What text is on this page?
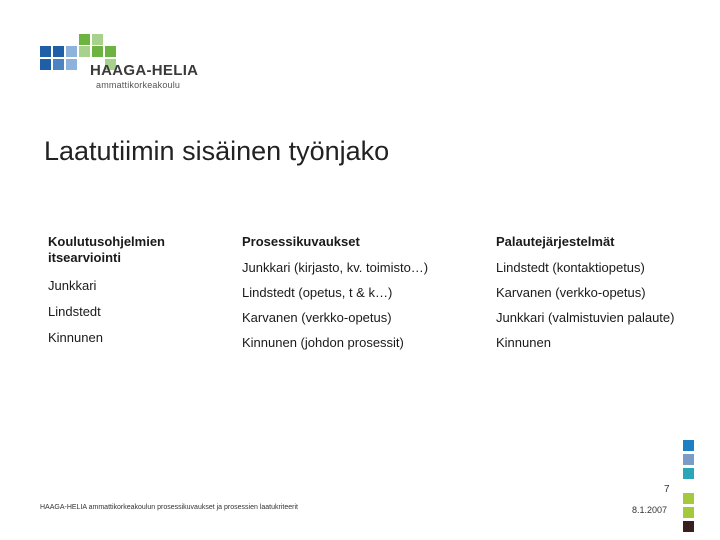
HAAGA-HELIA
ammattikorkeakoulu
Laatutiimin sisäinen työnjako
Koulutusohjelmien itsearviointi
Junkkari
Lindstedt
Kinnunen
Prosessikuvaukset
Junkkari (kirjasto, kv. toimisto…)
Lindstedt (opetus, t & k…)
Karvanen (verkko-opetus)
Kinnunen (johdon prosessit)
Palautejärjestelmät
Lindstedt (kontaktiopetus)
Karvanen (verkko-opetus)
Junkkari (valmistuvien palaute)
Kinnunen
7
HAAGA-HELIA ammattikorkeakoulun prosessikuvaukset ja prosessien laatukriteerit	8.1.2007
